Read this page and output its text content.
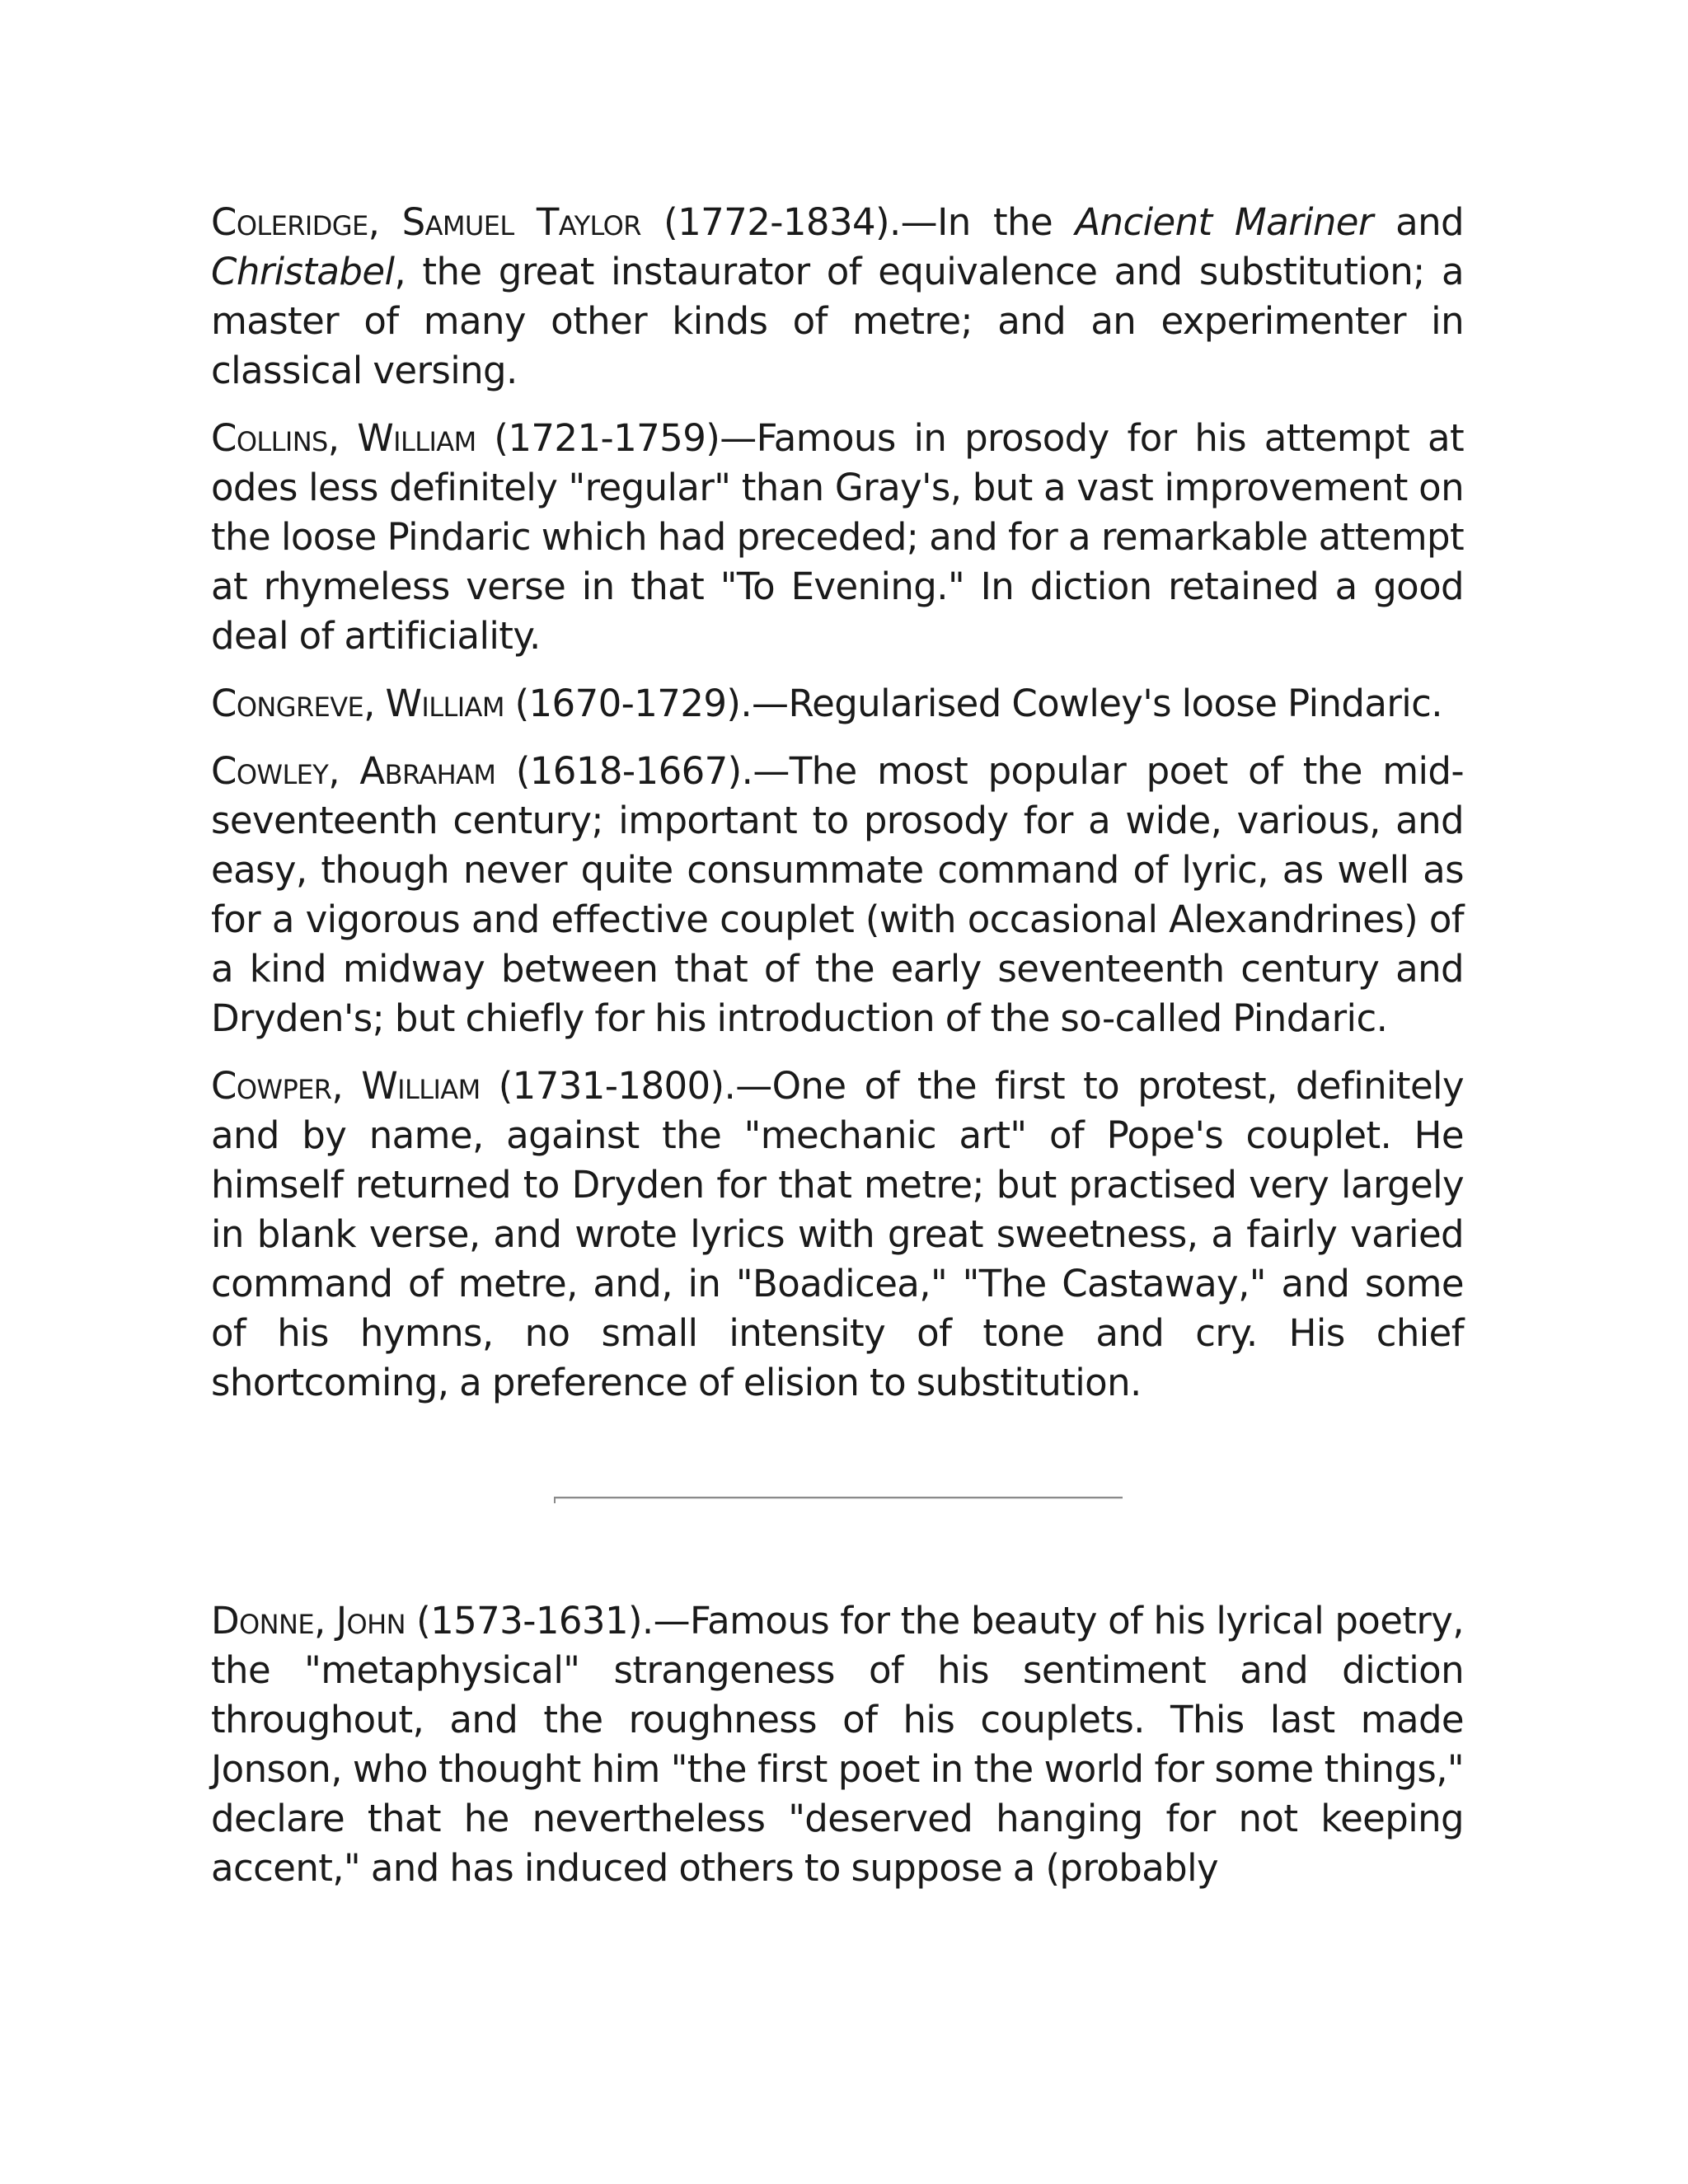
Coleridge, Samuel Taylor (1772-1834).—In the Ancient Mariner and Christabel, the great instaurator of equivalence and substitution; a master of many other kinds of metre; and an experimenter in classical versing.

Collins, William (1721-1759)—Famous in prosody for his attempt at odes less definitely "regular" than Gray's, but a vast improvement on the loose Pindaric which had preceded; and for a remarkable attempt at rhymeless verse in that "To Evening." In diction retained a good deal of artificiality.

Congreve, William (1670-1729).—Regularised Cowley's loose Pindaric.

Cowley, Abraham (1618-1667).—The most popular poet of the mid-seventeenth century; important to prosody for a wide, various, and easy, though never quite consummate command of lyric, as well as for a vigorous and effective couplet (with occasional Alexandrines) of a kind midway between that of the early seventeenth century and Dryden's; but chiefly for his introduction of the so-called Pindaric.

Cowper, William (1731-1800).—One of the first to protest, definitely and by name, against the "mechanic art" of Pope's couplet. He himself returned to Dryden for that metre; but practised very largely in blank verse, and wrote lyrics with great sweetness, a fairly varied command of metre, and, in "Boadicea," "The Castaway," and some of his hymns, no small intensity of tone and cry. His chief shortcoming, a preference of elision to substitution.

Donne, John (1573-1631).—Famous for the beauty of his lyrical poetry, the "metaphysical" strangeness of his sentiment and diction throughout, and the roughness of his couplets. This last made Jonson, who thought him "the first poet in the world for some things," declare that he nevertheless "deserved hanging for not keeping accent," and has induced others to suppose a (probably
